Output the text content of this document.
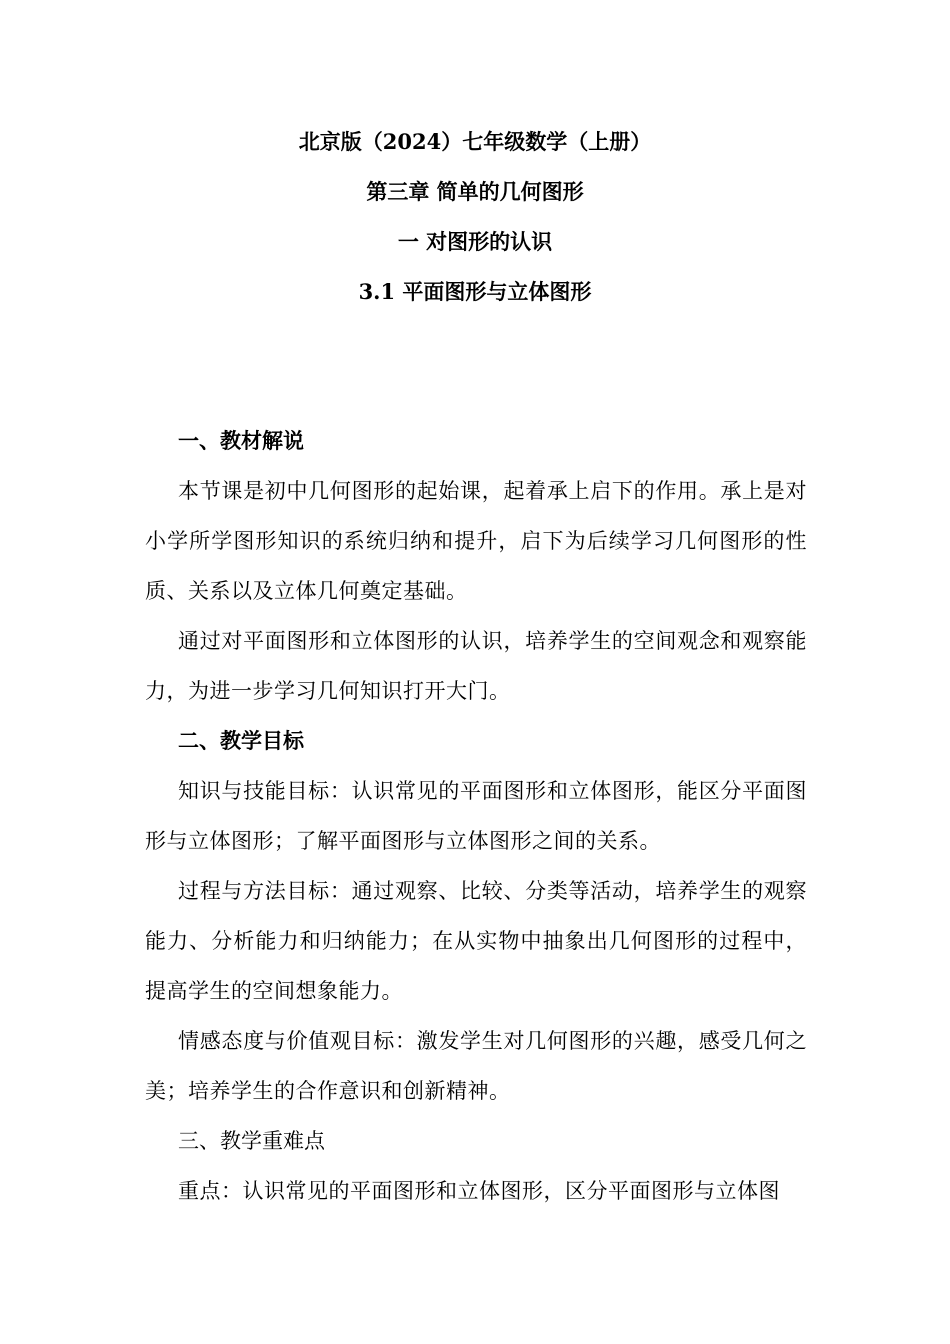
北京版（2024）七年级数学（上册）
第三章 简单的几何图形
一 对图形的认识
3.1 平面图形与立体图形
一、教材解说

本节课是初中几何图形的起始课，起着承上启下的作用。承上是对小学所学图形知识的系统归纳和提升，启下为后续学习几何图形的性质、关系以及立体几何奠定基础。

通过对平面图形和立体图形的认识，培养学生的空间观念和观察能力，为进一步学习几何知识打开大门。

二、教学目标

知识与技能目标：认识常见的平面图形和立体图形，能区分平面图形与立体图形；了解平面图形与立体图形之间的关系。

过程与方法目标：通过观察、比较、分类等活动，培养学生的观察能力、分析能力和归纳能力；在从实物中抽象出几何图形的过程中，提高学生的空间想象能力。

情感态度与价值观目标：激发学生对几何图形的兴趣，感受几何之美；培养学生的合作意识和创新精神。

三、教学重难点

重点：认识常见的平面图形和立体图形，区分平面图形与立体图
